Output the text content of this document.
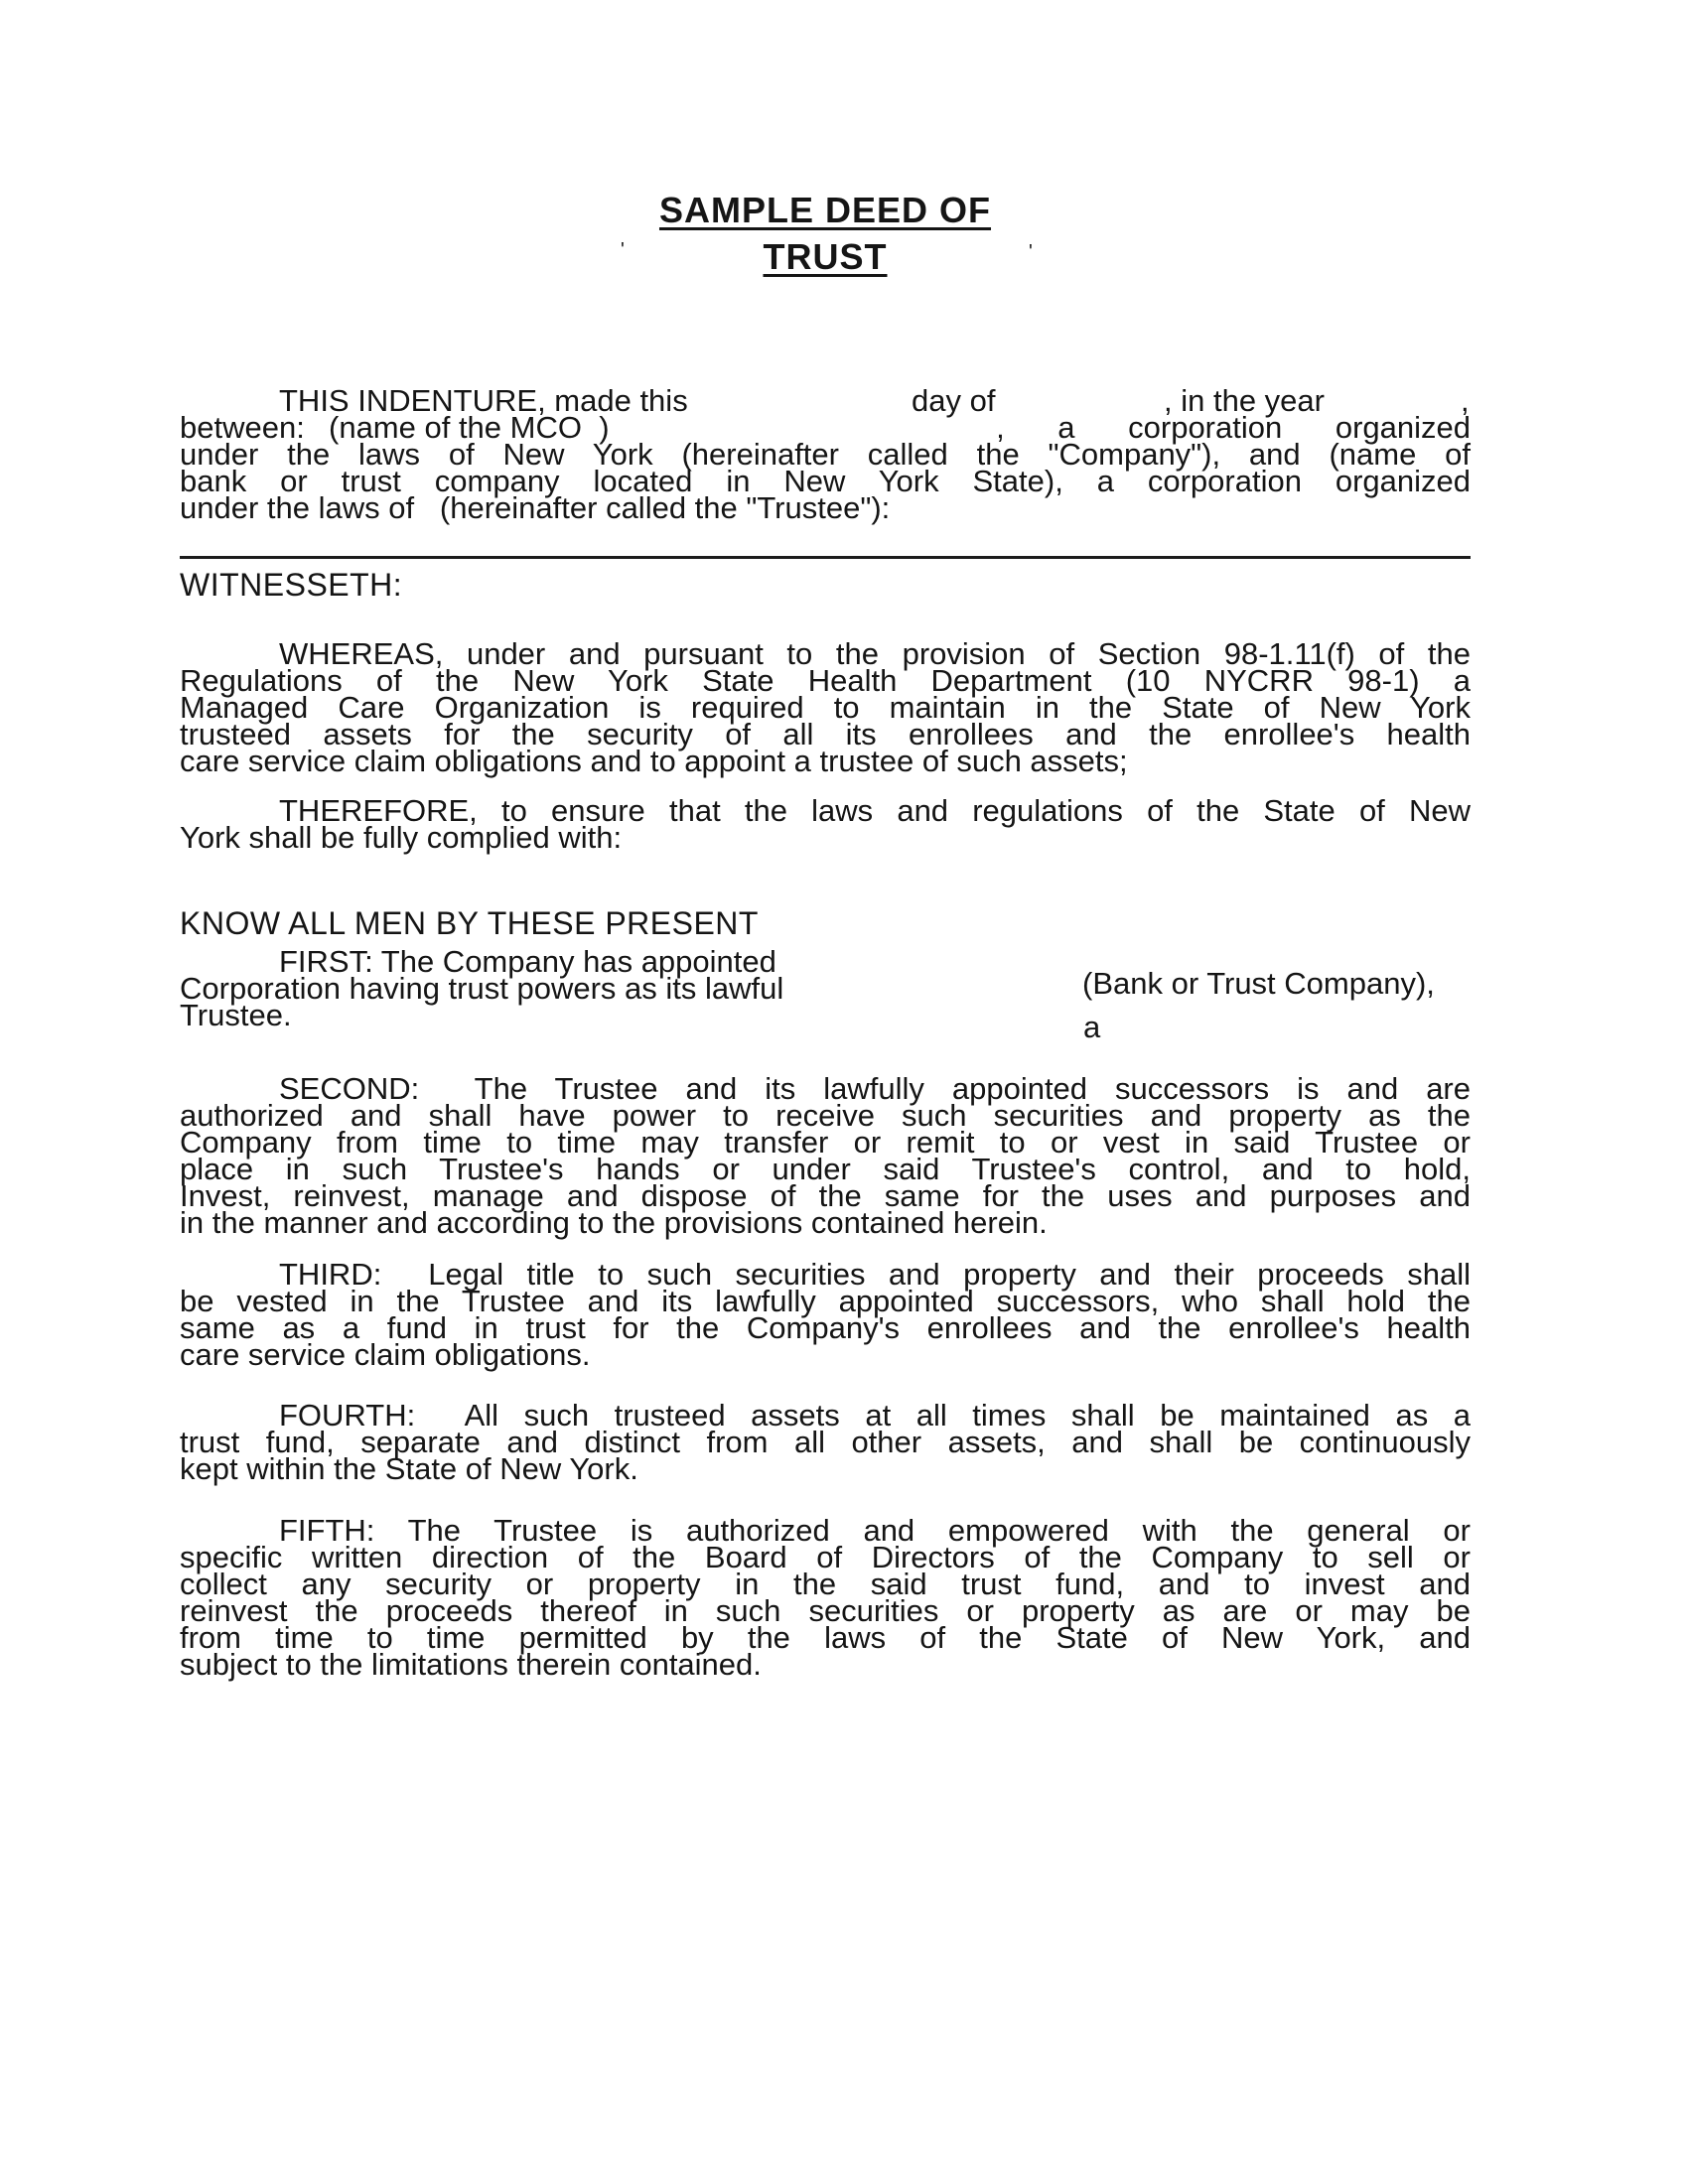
SAMPLE DEED OF
TRUST
'	'
THIS INDENTURE, made this	day of	, in the year	,
between: (name of the MCO  )	, a corporation organized
under the laws of New York (hereinafter called the "Company"), and (name of
bank or trust company located in New York State), a corporation organized
under the laws of   (hereinafter called the "Trustee"):
WITNESSETH:
WHEREAS, under and pursuant to the provision of Section 98-1.11(f) of the
Regulations of the New York State Health Department (10 NYCRR 98-1) a
Managed Care Organization is required to maintain in the State of New York
trusteed assets for the security of all its enrollees and the enrollee's health
care service claim obligations and to appoint a trustee of such assets;
THEREFORE, to ensure that the laws and regulations of the State of New
York shall be fully complied with:
KNOW ALL MEN BY THESE PRESENT
FIRST: The Company has appointed
Corporation having trust powers as its lawful
Trustee.
(Bank or Trust Company),
a
SECOND:  The Trustee and its lawfully appointed successors is and are
authorized and shall have power to receive such securities and property as the
Company from time to time may transfer or remit to or vest in said Trustee or
place in such Trustee's hands or under said Trustee's control, and to hold,
Invest, reinvest, manage and dispose of the same for the uses and purposes and
in the manner and according to the provisions contained herein.
THIRD:  Legal title to such securities and property and their proceeds shall
be vested in the Trustee and its lawfully appointed successors, who shall hold the
same as a fund in trust for the Company's enrollees and the enrollee's health
care service claim obligations.
FOURTH:  All such trusteed assets at all times shall be maintained as a
trust fund, separate and distinct from all other assets, and shall be continuously
kept within the State of New York.
FIFTH: The Trustee is authorized and empowered with the general or
specific written direction of the Board of Directors of the Company to sell or
collect any security or property in the said trust fund, and to invest and
reinvest the proceeds thereof in such securities or property as are or may be
from time to time permitted by the laws of the State of New York, and
subject to the limitations therein contained.
